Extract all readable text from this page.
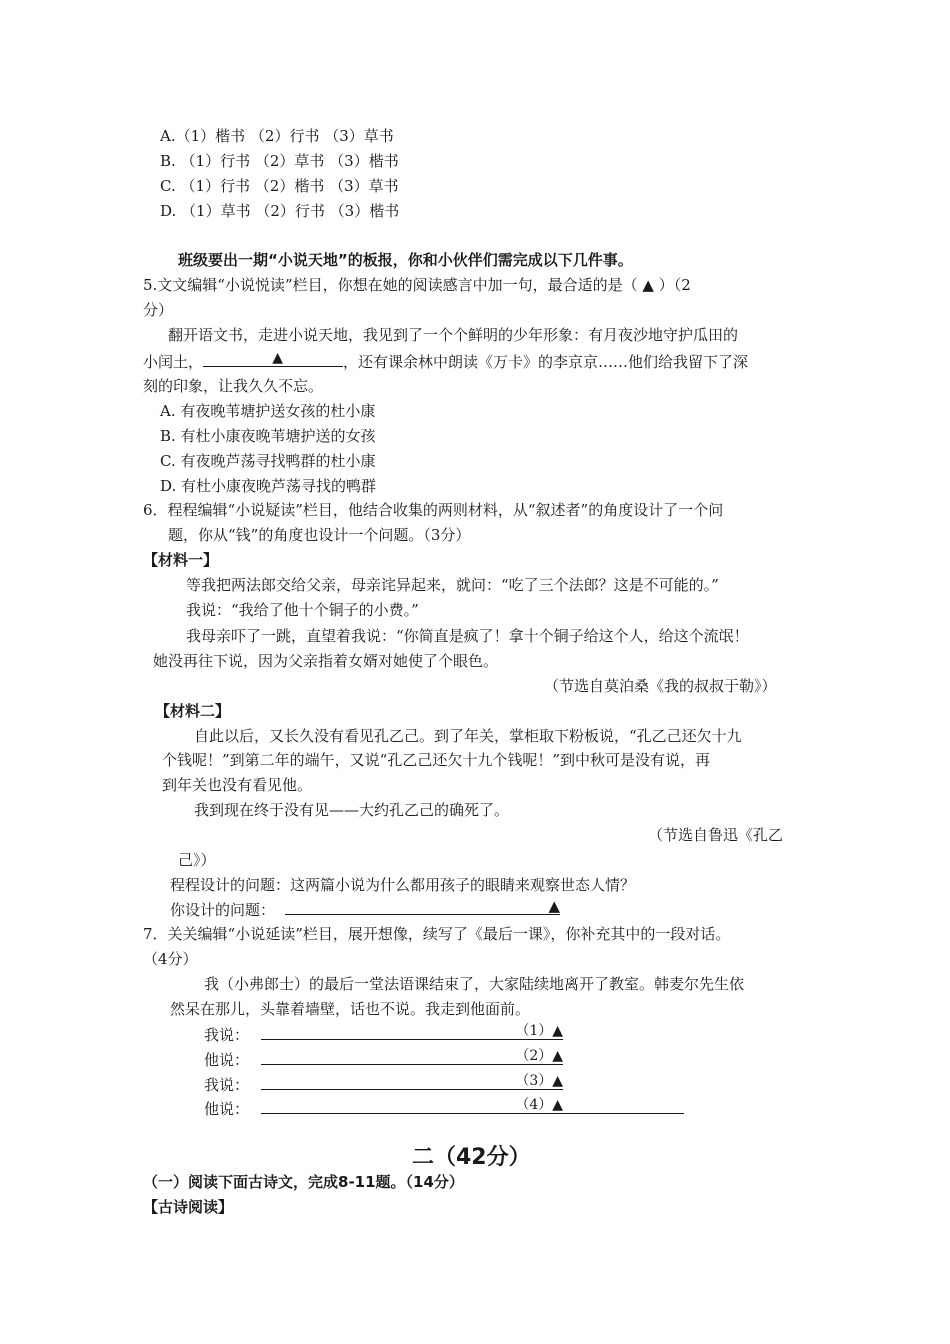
A.（1）楷书 （2）行书 （3）草书
B. （1）行书 （2）草书 （3）楷书
C. （1）行书 （2）楷书 （3）草书
D. （1）草书 （2）行书 （3）楷书
班级要出一期“小说天地”的板报，你和小伙伴们需完成以下几件事。
5.文文编辑“小说悦读”栏目，你想在她的阅读感言中加一句，最合适的是（ ▲ ）（2
分）
翻开语文书，走进小说天地，我见到了一个个鲜明的少年形象：有月夜沙地守护瓜田的
小闰土，	▲	，还有课余林中朗读《万卡》的李京京……他们给我留下了深
刻的印象，让我久久不忘。
A. 有夜晚苇塘护送女孩的杜小康
B. 有杜小康夜晚苇塘护送的女孩
C. 有夜晚芦荡寻找鸭群的杜小康
D. 有杜小康夜晚芦荡寻找的鸭群
6．程程编辑“小说疑读”栏目，他结合收集的两则材料，从“叙述者”的角度设计了一个问
题，你从“钱”的角度也设计一个问题。（3分）
【材料一】
等我把两法郎交给父亲，母亲诧异起来，就问：“吃了三个法郎？这是不可能的。”
我说：“我给了他十个铜子的小费。”
我母亲吓了一跳，直望着我说：“你简直是疯了！拿十个铜子给这个人，给这个流氓！
她没再往下说，因为父亲指着女婿对她使了个眼色。
（节选自莫泊桑《我的叔叔于勒》）
【材料二】
自此以后，又长久没有看见孔乙己。到了年关，掌柜取下粉板说，“孔乙己还欠十九
个钱呢！”到第二年的端午，又说“孔乙己还欠十九个钱呢！”到中秋可是没有说，再
到年关也没有看见他。
我到现在终于没有见——大约孔乙己的确死了。
（节选自鲁迅《孔乙
己》）
程程设计的问题：这两篇小说为什么都用孩子的眼睛来观察世态人情？
你设计的问题：	▲
7．关关编辑“小说延读”栏目，展开想像，续写了《最后一课》，你补充其中的一段对话。
（4分）
我（小弗郎士）的最后一堂法语课结束了，大家陆续地离开了教室。韩麦尔先生依
然呆在那儿，头靠着墙壁，话也不说。我走到他面前。
我说：	（1）▲
他说：	（2）▲
我说：	（3）▲
他说：	（4）▲
二（42分）
（一）阅读下面古诗文，完成8-11题。（14分）
【古诗阅读】
